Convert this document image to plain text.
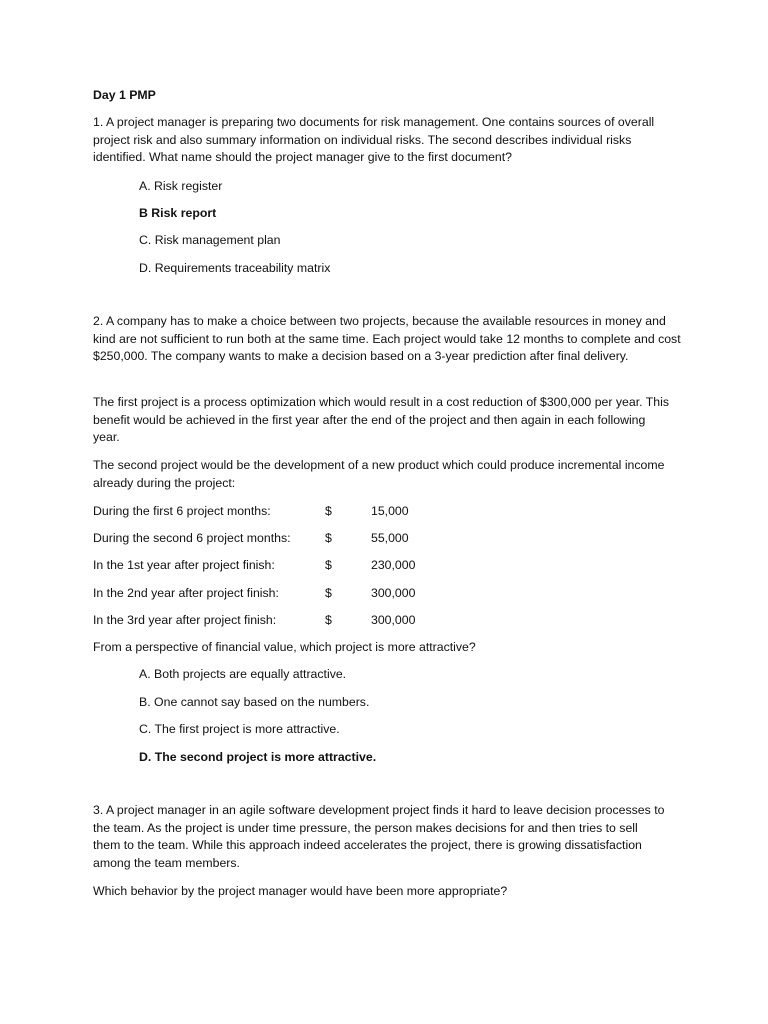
Day 1 PMP
1. A project manager is preparing two documents for risk management. One contains sources of overall project risk and also summary information on individual risks. The second describes individual risks identified. What name should the project manager give to the first document?
A. Risk register
B Risk report
C. Risk management plan
D. Requirements traceability matrix
2. A company has to make a choice between two projects, because the available resources in money and kind are not sufficient to run both at the same time. Each project would take 12 months to complete and cost $250,000. The company wants to make a decision based on a 3-year prediction after final delivery.
The first project is a process optimization which would result in a cost reduction of $300,000 per year. This benefit would be achieved in the first year after the end of the project and then again in each following year.
The second project would be the development of a new product which could produce incremental income already during the project:
During the first 6 project months:	$	15,000
During the second 6 project months:	$	55,000
In the 1st year after project finish:	$	230,000
In the 2nd year after project finish:	$	300,000
In the 3rd year after project finish:	$	300,000
From a perspective of financial value, which project is more attractive?
A. Both projects are equally attractive.
B. One cannot say based on the numbers.
C. The first project is more attractive.
D. The second project is more attractive.
3. A project manager in an agile software development project finds it hard to leave decision processes to the team. As the project is under time pressure, the person makes decisions for and then tries to sell them to the team. While this approach indeed accelerates the project, there is growing dissatisfaction among the team members.
Which behavior by the project manager would have been more appropriate?
